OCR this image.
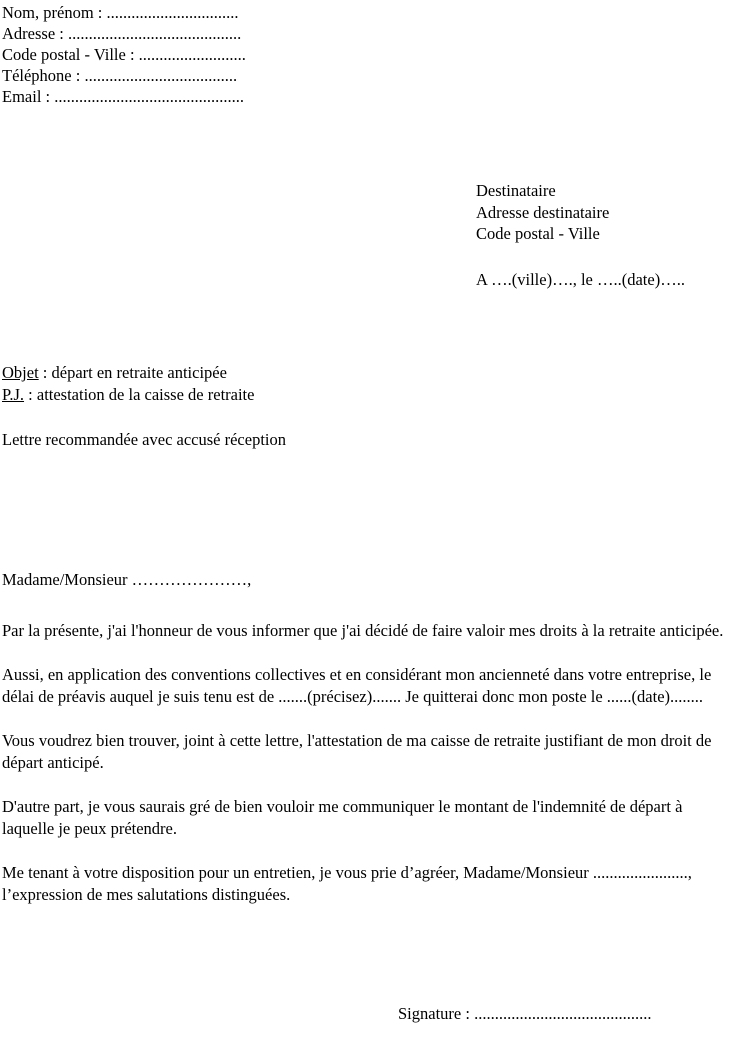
Nom, prénom : ................................
Adresse : ..........................................
Code postal - Ville : ..........................
Téléphone : .....................................
Email : ..............................................
Destinataire
Adresse destinataire
Code postal - Ville
A ….(ville)…., le …..(date)…..
Objet : départ en retraite anticipée
P.J. : attestation de la caisse de retraite
Lettre recommandée avec accusé réception
Madame/Monsieur …………………,

Par la présente, j'ai l'honneur de vous informer que j'ai décidé de faire valoir mes droits à la retraite anticipée.

Aussi, en application des conventions collectives et en considérant mon ancienneté dans votre entreprise, le délai de préavis auquel je suis tenu est de .......(précisez)....... Je quitterai donc mon poste le ......(date)........

Vous voudrez bien trouver, joint à cette lettre, l'attestation de ma caisse de retraite justifiant de mon droit de départ anticipé.

D'autre part, je vous saurais gré de bien vouloir me communiquer le montant de l'indemnité de départ à laquelle je peux prétendre.

Me tenant à votre disposition pour un entretien, je vous prie d’agréer, Madame/Monsieur ......................., l’expression de mes salutations distinguées.

Signature : ...........................................
